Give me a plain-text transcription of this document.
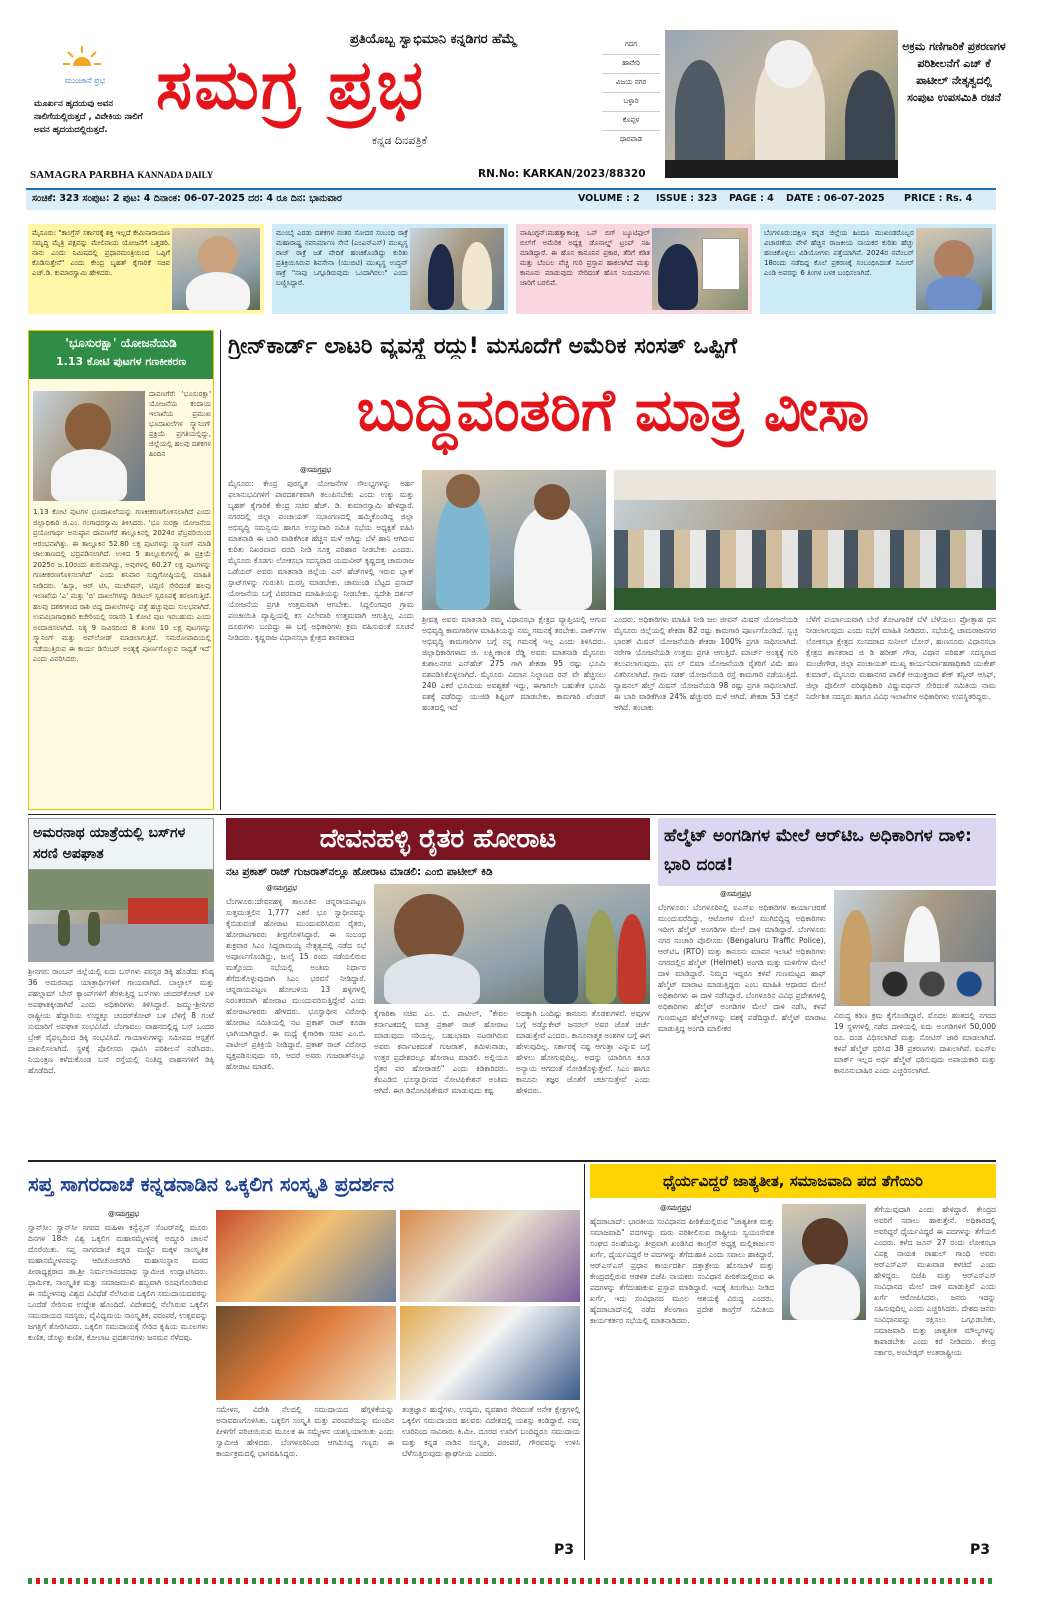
ಮುಂಜಾನೆ ಪ್ರಭ
ಮೂರ್ಖನ ಹೃದಯವು ಅವನ ನಾಲಿಗೆಯಲ್ಲಿರುತ್ತದೆ , ವಿವೇಕಿಯ ನಾಲಿಗೆ ಅವನ ಹೃದಯದಲ್ಲಿರುತ್ತದೆ.
ಪ್ರತಿಯೊಬ್ಬ ಸ್ವಾಭಿಮಾನಿ ಕನ್ನಡಿಗರ ಹೆಮ್ಮೆ
ಸಮಗ್ರ ಪ್ರಭ
ಕನ್ನಡ ದಿನಪತ್ರಿಕೆ
SAMAGRA PARBHA KANNADA DAILY	RN.No: KARKAN/2023/88320
ಗದಗ
ಹಾವೇರಿ
ವಿಜಯ ನಗರ
ಬಳ್ಳಾರಿ
ಕೊಪ್ಪಳ
ಧಾರವಾಡ
ಅಕ್ರಮ ಗಣಿಗಾರಿಕೆ ಪ್ರಕರಣಗಳ ಪರಿಶೀಲನೆಗೆ ಎಚ್ ಕೆ ಪಾಟೀಲ್ ನೇತೃತ್ವದಲ್ಲಿ ಸಂಪುಟ ಉಪಸಮಿತಿ ರಚನೆ
ಸಂಚಿಕೆ: 323 ಸಂಪುಟ: 2 ಪುಟ: 4 ದಿನಾಂಕ: 06-07-2025 ದರ: 4 ರೂ ದಿನ: ಭಾನುವಾರ	VOLUME : 2 ISSUE : 323 PAGE : 4 DATE : 06-07-2025 PRICE : Rs. 4
ಮೈಸೂರು: "ಕಾಂಗ್ರೆಸ್ ಸರ್ಕಾರಕ್ಕೆ ಶಕ್ತಿ ಇಲ್ಲದೆ ಕೇಮಿನಾರಾಯಣ ಸಮೃದ್ಧಿ ಮೈತ್ರಿ ಪಕ್ಷವನ್ನು ಮೇಲಿನಾಯ ಯೋಜನೆಗೆ ಒತ್ತಡರಿ. ನಾನು ಎಂದು ನಿಮಿಷದಲ್ಲಿ ಪ್ರಧಾನಮಂತ್ರಿಯಿಂದ ಒಪ್ಪಿಗೆ ಕೊಡಿಸುತ್ತೇನೆ" ಎಂದು ಕೇಂದ್ರ ಬೃಹತ್ ಕೈಗಾರಿಕೆ ಸಚಿವ ಎಚ್.ಡಿ. ಕುಮಾರಸ್ವಾಮಿ ಹೇಳಿದರು.
ಮುಂಬೈ ಎರಡು ದಶಕಗಳ ನಂತರ ಸೋದರ ಸಂಬಂಧಿ ಠಾಕ್ರೆ ಮಹಾರಾಷ್ಟ್ರ ನವನಿರ್ಮಾಣ ಸೇನೆ (ಎಂಎನ್‌ಎಸ್) ಮುಖ್ಯಸ್ಥ ರಾಜ್ ಠಾಕ್ರೆ ಜತೆ ವೇದಿಕೆ ಹಂಚಿಕೊಂಡಿದ್ದು ಕುರಿತು ಪ್ರತಿಕ್ರಿಯಿಸಿರುವ ಶಿವಸೇನಾ (ಯುಬಿಟಿ) ಮುಖ್ಯಸ್ಥ ಉದ್ಧವ್ ಠಾಕ್ರೆ "ನಾವು ಒಗ್ಗೂಡಿರುವುದು ಒಂದಾಗಿರಲು" ಎಂದು ಬಣ್ಣಿಸಿದ್ದಾರೆ.
ವಾಷಿಂಗ್ಟನ್:ಮಹತ್ವಾಕಾಂಕ್ಷಿ ಒನ್ ಬಿಗ್ ಬ್ಯೂಟಿಫುಲ್ ಬಿಲ್‌ಗೆ ಅಮೆರಿಕ ಅಧ್ಯಕ್ಷ ಡೊನಾಲ್ಡ್ ಟ್ರಂಪ್ ಸಹಿ ಮಾಡಿದ್ದಾರೆ. ಈ ಹೊಸ ಕಾನೂನಿನ ಪ್ರಕಾರ, ತೆರಿಗೆ ಕಡಿತ ಮತ್ತು ಬೆಂಬಲ ವೆಚ್ಚ ಗುರಿ ಪ್ರಸ್ತಾಪ ಹಾಕಲಾಗಿದೆ ಮತ್ತು ಕಾನೂನು ಮಾಡುವುದು ಸೇರಿದಂತೆ ಹೊಸ ನಿಯಮಗಳು ಜಾರಿಗೆ ಬರಲಿವೆ.
ಬೆಂಗಳೂರು:ದಕ್ಷಿಣ ಕನ್ನಡ ಜಿಲ್ಲೆಯ ಹಿಂದೂ ಮುಖಂಡರೊಬ್ಬರ ವಿಚಾರಣೆಯ ವೇಳೆ ಹೆಚ್ಚಿನ ರಾಜಕೀಯ ನಾಯಕರ ಕುರಿತು ಹೆಚ್ಚು ಹಂಚಿಕೊಳ್ಳಲು ವಿಡಿಯೋಗಳು ಪತ್ತೆಯಾಗಿವೆ. 2024ರ ನವೆಂಬರ್ 18ರಂದು ನಡೆದಿದ್ದ ಕೊಲೆ ಪ್ರಕರಣಕ್ಕೆ ಸಂಬಂಧಿಸಿದಂತೆ ಸಮೀರ್ ಎಂಡಿ ಅವರನ್ನು 6 ತಿಂಗಳ ಬಳಕ ಬಂಧಿಸಲಾಗಿದೆ.
'ಭೂಸುರಕ್ಷಾ' ಯೋಜನೆಯಡಿ
1.13 ಕೋಟಿ ಪುಟಗಳ ಗಣಕೀಕರಣ
ದಾವಣಗೆರೆ: 'ಭೂಸುರಕ್ಷಾ' ಯೋಜನೆಯ ಕಂದಾಯ ಇಲಾಖೆಯ ಪ್ರಮುಖ ಭೂದಾಖಲೆಗಳ ಸ್ಕ್ಯಾನಿಂಗ್ ಪ್ರಕ್ರಿಯೆ ಪ್ರಗತಿಯಲ್ಲಿದ್ದು, ಜಿಲ್ಲೆಯಲ್ಲಿ ಹಲವು ದಶಕಗಳ ಹಿಂದಿನ
1.13 ಕೋಟಿ ಪುಟಗಳ ಭೂದಾಖಲೆಯನ್ನು ಗಣಕೀಕರಣಗೊಳಿಸಲಾಗಿದೆ ಎಂದು ಜಿಲ್ಲಾಧಿಕಾರಿ ಜಿ.ಎಂ. ಗಂಗಾಧರಸ್ವಾಮಿ ತಿಳಿಸಿದರು. 'ಭೂ ಸುರಕ್ಷಾ ಯೋಜನೆಯ ಪ್ರಯೋಗಾರ್ಥ ಅನುಷ್ಠಾನ ದಾವಣಗೆರೆ ತಾಲ್ಲೂಕಿನಲ್ಲಿ 2024ರ ಫೆಬ್ರವರಿಯಿಂದ ಆರಂಭವಾಗಿತ್ತು. ಈ ತಾಲ್ಲೂಕಿನ 52.80 ಲಕ್ಷ ಪುಟಗಳನ್ನು ಸ್ಕ್ಯಾನಿಂಗ್ ಮಾಡಿ ಜಾಲತಾಣದಲ್ಲಿ ಭದ್ರಪಡಿಸಲಾಗಿದೆ. ಉಳಿದ 5 ತಾಲ್ಲೂಕುಗಳಲ್ಲಿ ಈ ಪ್ರಕ್ರಿಯೆ 2025ರ ಜ.10ರಂದು ಶುರುವಾಗಿದ್ದು, ಅವುಗಳಲ್ಲಿ 60.27 ಲಕ್ಷ ಪುಟಗಳನ್ನು ಗಣಕೀಕರಣಗೊಳಿಸಲಾಗಿದೆ' ಎಂದು ಶನಿವಾರ ಸುದ್ದಿಗೋಷ್ಠಿಯಲ್ಲಿ ಮಾಹಿತಿ ನೀಡಿದರು. 'ಹಿಸ್ಸಾ, ಆರ್ ಟಿಸಿ, ಮುಟೇಷನ್, ಟಿಪ್ಪಣಿ ಸೇರಿದಂತೆ ಹಲವು ಇಲಾಖೆಯ 'ಎ' ಮತ್ತು 'ಬಿ' ದಾಖಲೆಗಳನ್ನು ಡಿಜಿಟಲ್ ಸ್ವರೂಪಕ್ಕೆ ತರಲಾಗುತ್ತಿದೆ. ಹಲವು ದಶಕಗಳಿಂದ ರಾಶಿ ಬಿದ್ದ ದಾಖಲೆಗಳನ್ನು ಪತ್ತೆ ಹಚ್ಚುವುದು ಸುಲಭವಾಗಿದೆ. ಉಪವಿಭಾಗಾಧಿಕಾರಿ ಕಚೇರಿಯಲ್ಲಿ ಸರಾಸರಿ 1 ಕೋಟಿ ಪುಟ ಇರಬಹುದು ಎಂದು ಅಂದಾಜಿಸಲಾಗಿದೆ. ನಿತ್ಯ 9 ಸಾವಿರದಿಂದ 8 ತಿಂಗಳ 10 ಲಕ್ಷ ಪುಟಗಳನ್ನು ಸ್ಕ್ಯಾನಿಂಗ್ ಮತ್ತು ಅಪ್‌ಲೋಡ್ ಮಾಡಲಾಗುತ್ತಿದೆ. ಸಮರೋಪಾದಿಯಲ್ಲಿ ನಡೆಯುತ್ತಿರುವ ಈ ಕಾರ್ಯ ಡಿಸೆಂಬರ್ ಅಂತ್ಯಕ್ಕೆ ಪೂರ್ಣಗೊಳ್ಳುವ ಸಾಧ್ಯತೆ ಇದೆ' ಎಂದು ವಿವರಿಸಿದರು.
ಗ್ರೀನ್‌ಕಾರ್ಡ್ ಲಾಟರಿ ವ್ಯವಸ್ಥೆ ರದ್ದು! ಮಸೂದೆಗೆ ಅಮೆರಿಕ ಸಂಸತ್ ಒಪ್ಪಿಗೆ
ಬುದ್ಧಿವಂತರಿಗೆ ಮಾತ್ರ ವೀಸಾ
@ಸಮಗ್ರಪ್ರಭ
ಮೈಸೂರು: ಕೇಂದ್ರ ಪುರಸ್ಕೃತ ಯೋಜನೆಗಳ ಸೌಲಭ್ಯಗಳನ್ನು ಅರ್ಹ ಫಲಾನುಭವಿಗಳಿಗೆ ಪಾರದರ್ಶಕವಾಗಿ ತಲುಪಿಸಬೇಕು ಎಂದು ಉಕ್ಕು ಮತ್ತು ಬೃಹತ್ ಕೈಗಾರಿಕೆ ಕೇಂದ್ರ ಸಚಿವ ಹೆಚ್. ಡಿ. ಕುಮಾರಸ್ವಾಮಿ ಹೇಳಿದ್ದಾರೆ. ನಗರದಲ್ಲಿ ಜಿಲ್ಲಾ ಪಂಚಾಯತ್ ಸಭಾಂಗಣದಲ್ಲಿ ಹಮ್ಮಿಕೊಂಡಿದ್ದ ಜಿಲ್ಲಾ ಅಭಿವೃದ್ಧಿ ಸಮನ್ವಯ ಹಾಗೂ ಉಸ್ತುವಾರಿ ಸಮಿತಿ ಸಭೆಯ ಅಧ್ಯಕ್ಷತೆ ವಹಿಸಿ ಮಾತನಾಡಿ ಈ ಬಾರಿ ವಾಡಿಕೆಗಿಂತ ಹೆಚ್ಚಿನ ಮಳೆ ಆಗಿದ್ದು ಬೆಳೆ ಹಾನಿ ಆಗಿರುವ ಕುರಿತು ನಿಖರವಾದ ವರದಿ ನೀಡಿ ಸೂಕ್ತ ಪರಿಹಾರ ನೀಡಬೇಕು ಎಂದರು. ಮೈಸೂರು ಕೊಡಗು ಲೋಕಸಭಾ ಸದಸ್ಯರಾದ ಯದುವೀರ್ ಕೃಷ್ಣದತ್ತ ಚಾಮರಾಜ ಒಡೆಯರ್ ಅವರು ಮಾತನಾಡಿ ಜಿಲ್ಲೆಯ ಎನ್ ಹೆಚ್‌ಗಳಲ್ಲಿ ಇರುವ ಬ್ಲಾಕ್ ಸ್ಪಾಟ್‌ಗಳನ್ನು ಗುರುತಿಸಿ ದುರಸ್ತಿ ಮಾಡಬೇಕು. ಚಾಮುಂಡಿ ಬೆಟ್ಟದ ಪ್ರಸಾದ್ ಯೋಜನೆಯ ಬಗ್ಗೆ ವಿವರವಾದ ಮಾಹಿತಿಯನ್ನು ನೀಡಬೇಕು. ಸ್ವದೇಶಿ ದರ್ಶನ್ ಯೋಜನೆಯ ಪ್ರಗತಿ ಉತ್ತಮವಾಗಿ ಆಗಬೇಕು. ಸಿದ್ದಲಿಂಗಪುರ ಗ್ರಾಮ ಪಂಚಾಯಿತಿ ವ್ಯಾಪ್ತಿಯಲ್ಲಿ ಕಸ ವಿಲೇವಾರಿ ಉತ್ತಮವಾಗಿ ಆಗುತ್ತಿಲ್ಲ ಎಂದು ದೂರುಗಳು ಬಂದಿದ್ದು ಈ ಬಗ್ಗೆ ಅಧಿಕಾರಿಗಳು ಕ್ರಮ ವಹಿಸುವಂತೆ ಸೂಚನೆ ನೀಡಿದರು. ಕೃಷ್ಣರಾಜ ವಿಧಾನಸಭಾ ಕ್ಷೇತ್ರದ ಶಾಸಕರಾದ
ಶ್ರೀವತ್ಸ ಅವರು ಮಾತನಾಡಿ ನಮ್ಮ ವಿಧಾನಸಭಾ ಕ್ಷೇತ್ರದ ವ್ಯಾಪ್ತಿಯಲ್ಲಿ ಆಗುವ ಅಭಿವೃದ್ಧಿ ಕಾಮಗಾರಿಗಳ ಮಾಹಿತಿಯನ್ನು ನಮ್ಮ ಗಮನಕ್ಕೆ ತರಬೇಕು. ಪಾರ್ಕ್‌ಗಳ ಅಭಿವೃದ್ಧಿ ಕಾಮಗಾರಿಗಳ ಬಗ್ಗೆ ನನ್ನ ಗಮನಕ್ಕೆ ಇಲ್ಲ ಎಂದು ತಿಳಿಸಿದರು. ಜಿಲ್ಲಾಧಿಕಾರಿಗಳಾದ ಜಿ. ಲಕ್ಷ್ಮೀಕಾಂತ ರೆಡ್ಡಿ ಅವರು ಮಾತನಾಡಿ ಮೈಸೂರು ಕುಶಾಲನಗರ ಎನ್‌ಹೆಚ್ 275 ಗಾಗಿ ಶೇಕಡಾ 95 ರಷ್ಟು ಭೂಮಿ ವಶಪಡಿಸಿಕೊಳ್ಳಲಾಗಿದೆ. ಮೈಸೂರು ವಿಮಾನ ನಿಲ್ದಾಣದ ರನ್ ವೇ ಹೆಚ್ಚಿಸಲು 240 ಎಕರೆ ಭೂಮಿಯ ಅವಶ್ಯಕತೆ ಇದ್ದು, ಈಗಾಗಲೇ ಬಹುತೇಕ ಭೂಮಿ ವಶಕ್ಕೆ ಪಡೆದಿದ್ದು ಯುಜಿಡಿ ಶಿಫ್ಟಿಂಗ್ ಮಾಡಬೇಕು. ಕಾಮಗಾರಿ ಟೆಂಡರ್ ಹಂತದಲ್ಲಿ ಇದೆ
ಎಂದರು. ಅಧಿಕಾರಿಗಳು ಮಾಹಿತಿ ನೀಡಿ ಜಲ ಜೀವನ್ ಮಿಷನ್ ಯೋಜನೆಯಡಿ ಮೈಸೂರು ಜಿಲ್ಲೆಯಲ್ಲಿ ಶೇಕಡಾ 82 ರಷ್ಟು ಕಾಮಗಾರಿ ಪೂರ್ಣಗೊಂಡಿದೆ. ಸ್ವಚ್ಛ ಭಾರತ್ ಮಿಷನ್ ಯೋಜನೆಯಡಿ ಶೇಕಡಾ 100% ಪ್ರಗತಿ ಸಾಧಿಸಲಾಗಿದೆ. ನರೇಗಾ ಯೋಜನೆಯಡಿ ಉತ್ತಮ ಪ್ರಗತಿ ಆಗುತ್ತಿದೆ. ಮಾರ್ಚ್ ಅಂತ್ಯಕ್ಕೆ ಗುರಿ ತಲುಪಲಾಗುವುದು. ಫಸ ಲ್ ಬಿಮಾ ಯೋಜನೆಯಡಿ ರೈತರಿಗೆ ವಿಮೆ ಹಣ ವಿತರಿಸಲಾಗಿದೆ. ಗ್ರಾಮ ಸಡಕ್ ಯೋಜನೆಯಡಿ ರಸ್ತೆ ಕಾಮಗಾರಿ ನಡೆಯುತ್ತಿದೆ. ನ್ಯಾಷನಲ್ ಹೆಲ್ತ್ ಮಿಷನ್ ಯೋಜನೆಯಡಿ 98 ರಷ್ಟು ಪ್ರಗತಿ ಸಾಧಿಸಲಾಗಿದೆ. ಈ ಬಾರಿ ವಾಡಿಕೆಗಿಂತ 24% ಹೆಚ್ಚುವರಿ ಮಳೆ ಆಗಿದೆ. ಶೇಕಡಾ 53 ಬಿತ್ತನೆ ಆಗಿದೆ. ತಂಬಾಕು
ಬೆಳೆಗೆ ಪರ್ಯಾಯವಾಗಿ ಬೇರೆ ತೋಟಗಾರಿಕೆ ಬೆಳೆ ಬೆಳೆಯಲು ಪ್ರೋತ್ಸಾಹ ಧನ ನೀಡಲಾಗುವುದು ಎಂದು ಸಭೆಗೆ ಮಾಹಿತಿ ನೀಡಿದರು. ಸಭೆಯಲ್ಲಿ ಚಾಮರಾಜನಗರ ಲೋಕಸಭಾ ಕ್ಷೇತ್ರದ ಸಂಸದರಾದ ಸುನೀಲ್ ಬೋಸ್, ಹುಣಸೂರು ವಿಧಾನಸಭಾ ಕ್ಷೇತ್ರದ ಶಾಸಕರಾದ ಜಿ ಡಿ ಹರೀಶ್ ಗೌಡ, ವಿಧಾನ ಪರಿಷತ್ ಸದಸ್ಯರಾದ ಮಂಜೇಗೌಡ, ಜಿಲ್ಲಾ ಪಂಚಾಯತ್ ಮುಖ್ಯ ಕಾರ್ಯನಿರ್ವಾಹಣಾಧಿಕಾರಿ ಯುಕೇಶ್ ಕುಮಾರ್, ಮೈಸೂರು ಮಹಾನಗರ ಪಾಲಿಕೆ ಆಯುಕ್ತರಾದ ಶೇಕ್ ತನ್ವೀರ್ ಆಸಿಫ್, ಜಿಲ್ಲಾ ಪೊಲೀಸ್ ವರಿಷ್ಠಾಧಿಕಾರಿ ವಿಷ್ಣುವರ್ಧನ್ ಸೇರಿದಂತೆ ಸಮಿತಿಯ ನಾಮ ನಿರ್ದೇಶಿತ ಸದಸ್ಯರು ಹಾಗೂ ವಿವಿಧ ಇಲಾಖೆಗಳ ಅಧಿಕಾರಿಗಳು ಉಪಸ್ಥಿತರಿದ್ದರು.
ಅಮರನಾಥ ಯಾತ್ರೆಯಲ್ಲಿ ಬಸ್‌ಗಳ ಸರಣಿ ಅಪಘಾತ
ಶ್ರೀನಗರ: ರಾಂಬನ್ ಜಿಲ್ಲೆಯಲ್ಲಿ ಐದು ಬಸ್‌ಗಳು ಪರಸ್ಪರ ಡಿಕ್ಕಿ ಹೊಡೆದು ಕನಿಷ್ಠ 36 ಅಮರನಾಥ ಯಾತ್ರಾರ್ಥಿಗಳಿಗೆ ಗಾಯವಾಗಿದೆ. ಬಾಲ್ಟಾಲ್ ಮತ್ತು ಪಹಲ್ಗಾಮ್ ಬೇಸ್ ಕ್ಯಾಂಪ್‌ಗಳಿಗೆ ತೆರಳುತ್ತಿದ್ದ ಬಸ್‌ಗಳು ಚಂದರ್‌ಕೋಟ್ ಬಳಿ ಅಪಘಾತಕ್ಕೀಡಾಗಿವೆ ಎಂದು ಅಧಿಕಾರಿಗಳು ತಿಳಿಸಿದ್ದಾರೆ. ಜಮ್ಮು-ಶ್ರೀನಗರ ರಾಷ್ಟ್ರೀಯ ಹೆದ್ದಾರಿಯ ಉದ್ದಕ್ಕೂ ಚಂದರ್‌ಕೋಟ್ ಬಳಿ ಬೆಳಿಗ್ಗೆ 8 ಗಂಟೆ ಸುಮಾರಿಗೆ ಅಪಘಾತ ಸಂಭವಿಸಿದೆ. ಬೆಂಗಾವಲು ವಾಹನದಲ್ಲಿದ್ದ ಬಸ್ ಒಂದರ ಬ್ರೇಕ್ ವೈಫಲ್ಯದಿಂದ ಡಿಕ್ಕಿ ಸಂಭವಿಸಿದೆ. ಗಾಯಾಳುಗಳನ್ನು ಸಮೀಪದ ಆಸ್ಪತ್ರೆಗೆ ದಾಖಲಿಸಲಾಗಿದೆ. ಸ್ಥಳಕ್ಕೆ ಪೊಲೀಸರು ಧಾವಿಸಿ ಪರಿಶೀಲನೆ ನಡೆಸಿದರು. ನಿಯಂತ್ರಣ ಕಳೆದುಕೊಂಡ ಬಸ್ ರಸ್ತೆಯಲ್ಲಿ ನಿಂತಿದ್ದ ವಾಹನಗಳಿಗೆ ಡಿಕ್ಕಿ ಹೊಡೆದಿದೆ.
ದೇವನಹಳ್ಳಿ ರೈತರ ಹೋರಾಟ
ನಟ ಪ್ರಕಾಶ್ ರಾಜ್ ಗುಜರಾತ್‌ನಲ್ಲೂ ಹೋರಾಟ ಮಾಡಲಿ: ಎಂಬಿ ಪಾಟೀಲ್ ಕಿಡಿ
@ಸಮಗ್ರಪ್ರಭ
ಬೆಂಗಳೂರು:ದೇವನಹಳ್ಳಿ ತಾಲೂಕಿನ ಚನ್ನರಾಯಪಟ್ಟಣ ಸುತ್ತಮುತ್ತಲಿನ 1,777 ಎಕರೆ ಭೂ ಸ್ವಾಧೀನವನ್ನು ಕೈಬಿಡುವಂತೆ ಹೋರಾಟ ಮುಂದುವರಿಸಿರುವ ರೈತರು, ಹೋರಾಟಗಾರರು ತೀವ್ರಗೊಳಿಸಿದ್ದಾರೆ. ಈ ಸಂಬಂಧ ಶುಕ್ರವಾರ ಸಿಎಂ ಸಿದ್ದರಾಮಯ್ಯ ನೇತೃತ್ವದಲ್ಲಿ ನಡೆದ ಸಭೆ ಅಪೂರ್ಣಗೊಂಡಿದ್ದು, ಜುಲೈ 15 ರಂದು ನಡೆಯಲಿರುವ ಮತ್ತೊಂದು ಸಭೆಯಲ್ಲಿ ಅಂತಿಮ ನಿರ್ಧಾರ ತೆಗೆದುಕೊಳ್ಳುವುದಾಗಿ ಸಿಎಂ ಭರವಸೆ ನೀಡಿದ್ದಾರೆ. ಚನ್ನರಾಯಪಟ್ಟಣ ಹೋಬಳಿಯ 13 ಹಳ್ಳಿಗಳಲ್ಲಿ ನಿರಂತರವಾಗಿ ಹೋರಾಟ ಮುಂದುವರಿಸುತ್ತಿದ್ದೇವೆ ಎಂದು ಹೋರಾಟಗಾರರು ಹೇಳಿದರು. ಭೂಸ್ವಾಧೀನ ವಿರೋಧಿ ಹೋರಾಟ ಸಮಿತಿಯಲ್ಲಿ ನಟ ಪ್ರಕಾಶ್ ರಾಜ್ ಕೂಡಾ ಭಾಗಿಯಾಗಿದ್ದಾರೆ. ಈ ಮಧ್ಯೆ ಕೈಗಾರಿಕಾ ಸಚಿವ ಎಂ.ಬಿ. ಪಾಟೀಲ್ ಪ್ರತಿಕ್ರಿಯೆ ನೀಡಿದ್ದಾರೆ. ಪ್ರಕಾಶ್ ರಾಜ್ ವಿರೋಧ ವ್ಯಕ್ತಪಡಿಸುವುದು ಸರಿ, ಆದರೆ ಅವರು ಗುಜರಾತ್‌ನಲ್ಲೂ ಹೋರಾಟ ಮಾಡಲಿ.
ಕೈಗಾರಿಕಾ ಸಚಿವ ಎಂ. ಬಿ. ಪಾಟೀಲ್, "ಕೇವಲ ಕರ್ನಾಟಕದಲ್ಲಿ ಮಾತ್ರ ಪ್ರಕಾಶ್ ರಾಜ್ ಹೋರಾಟ ಮಾಡುವುದು ಸರಿಯಲ್ಲ. ಬಹುಭಾಷಾ ನಟರಾಗಿರುವ ಅವರು ಕರ್ನಾಟಕದಂತೆ ಗುಜರಾತ್, ತಮಿಳುನಾಡು, ಉತ್ತರ ಪ್ರದೇಶದಲ್ಲೂ ಹೋರಾಟ ಮಾಡಲಿ. ಅಲ್ಲಿಯೂ ರೈತರ ಪರ ಹೋರಾಡಲಿ" ಎಂದು ಕಿಡಿಕಾರಿದರು. ಕೆಐಎಡಿಬಿ ಭೂಸ್ವಾಧೀನದ ನೋಟಿಫಿಕೇಶನ್ ಅಂತಿಮ ಆಗಿದೆ. ಈಗ ಡಿನೋಟಿಫಿಕೇಷನ್ ಮಾಡುವುದು ಕಷ್ಟ
ಅದಕ್ಕಾಗಿ ಒಂದಿಷ್ಟು ಕಾನೂನು ತೊಡಕುಗಳಿವೆ. ಅವುಗಳ ಬಗ್ಗೆ ಅಡ್ವೊಕೇಟ್ ಜನರಲ್ ಅವರ ಜೊತೆ ಚರ್ಚೆ ಮಾಡುತ್ತೇವೆ ಎಂದರು. ಕಾನೂನಾತ್ಮಕ ಅಂಶಗಳ ಬಗ್ಗೆ ಈಗ ಹೇಳುವುದಿಲ್ಲ. ಸರ್ಕಾರಕ್ಕೆ ನಷ್ಟ ಆಗುತ್ತಾ ಎನ್ನುವ ಬಗ್ಗೆ ಹೇಳಲು ಹೋಗುವುದಿಲ್ಲ. ಅದನ್ನು ಯಾರಿಗೂ ಕೂಡ ಅನ್ಯಾಯ ಆಗದಂತೆ ನೋಡಿಕೊಳ್ಳುತ್ತೇವೆ. ಸಿಎಂ ಹಾಗೂ ಕಾನೂನು ತಜ್ಞರ ಜೊತೆಗೆ ಚರ್ಚಿಸುತ್ತೇವೆ ಎಂದು ಹೇಳಿದರು.
ಹೆಲ್ಮೆಟ್ ಅಂಗಡಿಗಳ ಮೇಲೆ ಆರ್‌ಟಿಒ ಅಧಿಕಾರಿಗಳ ದಾಳಿ: ಭಾರಿ ದಂಡ!
@ಸಮಗ್ರಪ್ರಭ
ಬೆಂಗಳೂರು: ಬೆಂಗಳೂರಿನಲ್ಲಿ ಐಎಸ್ಐ ಅಧಿಕಾರಿಗಳ ಕಾರ್ಯಾಚರಣೆ ಮುಂದುವರೆದಿದ್ದು, ಆಟೋಗಳ ಮೇಲೆ ಮುಗಿಬಿದ್ದಿದ್ದ ಅಧಿಕಾರಿಗಳು ಇದೀಗ ಹೆಲ್ಮೆಟ್ ಅಂಗಡಿಗಳ ಮೇಲೆ ದಾಳಿ ಮಾಡಿದ್ದಾರೆ. ಬೆಂಗಳೂರು ನಗರ ಸಂಚಾರಿ ಪೊಲೀಸರು (Bengaluru Traffic Police), ಆರ್‌ಟಿಒ (RTO) ಮತ್ತು ಕಾನೂನು ಮಾಪನ ಇಲಾಖೆ ಅಧಿಕಾರಿಗಳು ನಗರದಲ್ಲಿನ ಹೆಲ್ಮೆಟ್ (Helmet) ಅಂಗಡಿ ಮತ್ತು ಮಳಿಗೆಗಳ ಮೇಲೆ ದಾಳಿ ಮಾಡಿದ್ದಾರೆ. ನಿಮ್ಮದ ಇದ್ದರೂ ಕಳಪೆ ಗುಣಮಟ್ಟದ ಹಾಫ್ ಹೆಲ್ಮೆಟ್ ಮಾರಾಟ ಮಾಡುತ್ತಿದ್ದರು ಎಂಬ ಮಾಹಿತಿ ಆಧಾರದ ಮೇಲೆ ಅಧಿಕಾರಿಗಳು ಈ ದಾಳಿ ನಡೆಸಿದ್ದಾರೆ. ಬೆಂಗಳೂರಿನ ವಿವಿಧ ಪ್ರದೇಶಗಳಲ್ಲಿ ಅಧಿಕಾರಿಗಳು ಹೆಲ್ಮೆಟ್ ಅಂಗಡಿಗಳ ಮೇಲೆ ದಾಳಿ ನಡೆಸಿ, ಕಳಪೆ ಗುಣಮಟ್ಟದ ಹೆಲ್ಮೆಟ್‌ಗಳನ್ನು ವಶಕ್ಕೆ ಪಡೆದಿದ್ದಾರೆ. ಹೆಲ್ಮೆಟ್ ಮಾರಾಟ ಮಾಡುತ್ತಿದ್ದ ಅಂಗಡಿ ಮಾಲೀಕರ
ವಿರುದ್ಧ ಕಠಿಣ ಕ್ರಮ ಕೈಗೊಂಡಿದ್ದಾರೆ. ಮೊದಲ ಹಂತದಲ್ಲಿ ನಗರದ 19 ಸ್ಥಳಗಳಲ್ಲಿ ನಡೆದ ದಾಳಿಯಲ್ಲಿ ಐದು ಅಂಗಡಿಗಳಿಗೆ 50,000 ರೂ. ದಂಡ ವಿಧಿಸಲಾಗಿದೆ ಮತ್ತು ನೋಟಿಸ್ ಜಾರಿ ಮಾಡಲಾಗಿದೆ. ಕಳಪೆ ಹೆಲ್ಮೆಟ್ ಧರಿಸಿದ 38 ಪ್ರಕರಣಗಳು ದಾಖಲಾಗಿವೆ. ಐಎಸ್ಐ ಮಾರ್ಕ್ ಇಲ್ಲದ ಅರ್ಧ ಹೆಲ್ಮೆಟ್ ಧರಿಸುವುದು ಅಪಾಯಕಾರಿ ಮತ್ತು ಕಾನೂನುಬಾಹಿರ ಎಂದು ಎಚ್ಚರಿಸಲಾಗಿದೆ.
ಸಪ್ತ ಸಾಗರದಾಚೆ ಕನ್ನಡನಾಡಿನ ಒಕ್ಕಲಿಗ ಸಂಸ್ಕೃತಿ ಪ್ರದರ್ಶನ
@ಸಮಗ್ರಪ್ರಭ
ಸ್ವಾನ್‌ಸೀ: ಸ್ವಾನ್‌ಸೀ ನಗರದ ಮಹಿಳಾ ಕನ್ವೆನ್ಷನ್ ಸೆಂಟರ್‌ನಲ್ಲಿ ಮೂರು ದಿನಗಳ 18ನೇ ವಿಶ್ವ ಒಕ್ಕಲಿಗ ಮಹಾಸಮ್ಮೇಳನಕ್ಕೆ ಅದ್ದೂರಿ ಚಾಲನೆ ದೊರೆಯಿತು. ಸಪ್ತ ಸಾಗರದಾಚೆ ಕನ್ನಡ ಮಣ್ಣಿನ ಮಕ್ಕಳ ಸಾಂಸ್ಕೃತಿಕ ಮಹಾಸಮ್ಮೇಳನವನ್ನು ಆದಿಚುಂಚನಗಿರಿ ಮಹಾಸಂಸ್ಥಾನ ಮಠದ ಪೀಠಾಧ್ಯಕ್ಷರಾದ ಡಾ.ಶ್ರೀ ನಿರ್ಮಲಾನಂದನಾಥ ಸ್ವಾಮೀಜಿ ಉದ್ಘಾಟಿಸಿದರು. ಧಾರ್ಮಿಕ, ಸಾಂಸ್ಕೃತಿಕ ಮತ್ತು ಸಮಾಜಮುಖಿ ಹಬ್ಬವಾಗಿ ರೂಪುಗೊಂಡಿರುವ ಈ ಸಮ್ಮೇಳನವು ವಿಶ್ವದ ವಿವಿಧೆಡೆ ನೆಲೆಸಿರುವ ಒಕ್ಕಲಿಗ ಸಮುದಾಯದವರನ್ನು ಒಂದೆಡೆ ಸೇರಿಸುವ ಉದ್ದೇಶ ಹೊಂದಿದೆ. ವಿದೇಶದಲ್ಲಿ ನೆಲೆಸಿರುವ ಒಕ್ಕಲಿಗ ಸಮುದಾಯದ ಸದಸ್ಯರು, ವೈವಿಧ್ಯಮಯ ಸಾಂಸ್ಕೃತಿಕ, ಪರಂಪರೆ, ಉತ್ಸವವನ್ನು ಜಗತ್ತಿಗೆ ತೋರಿಸಿದರು. ಒಕ್ಕಲಿಗ ಸಮುದಾಯಕ್ಕೆ ಸೇರಿದ ಕೃಷಿಯ ಮೂಲಗಳು ಕುಣಿತ, ಡೊಳ್ಳು ಕುಣಿತ, ಕೋಲಾಟ ಪ್ರದರ್ಶನಗಳು ಜನಮನ ಸೆಳೆದವು.
ಸಮೇಳನ, ವಿದೇಶಿ ನೆಲದಲ್ಲಿ ಸಮುದಾಯದ ಹೆಗ್ಗಳಿಕೆಯನ್ನು ಅನಾವರಣಗೊಳಿಸಿತು. ಒಕ್ಕಲಿಗ ಸಂಸ್ಕೃತಿ ಮತ್ತು ಪರಂಪರೆಯನ್ನು ಮುಂದಿನ ಪೀಳಿಗೆಗೆ ಪರಿಚಯಿಸುವ ಮೂಲಕ ಈ ಸಮ್ಮೇಳನ ಯಶಸ್ವಿಯಾಯಿತು ಎಂದು ಸ್ವಾಮೀಜಿ ಹೇಳಿದರು. ಬೆಂಗಳೂರಿನಿಂದ ಆಗಮಿಸಿದ್ದ ಗಣ್ಯರು ಈ ಕಾರ್ಯಕ್ರಮದಲ್ಲಿ ಭಾಗವಹಿಸಿದ್ದರು.
ತಂತ್ರಜ್ಞಾನ ಹುದ್ದೆಗಳು, ಉದ್ಯಮ, ವ್ಯವಹಾರ ಸೇರಿದಂತೆ ಅನೇಕ ಕ್ಷೇತ್ರಗಳಲ್ಲಿ ಒಕ್ಕಲಿಗ ಸಮುದಾಯದ ಹಲವರು ವಿದೇಶದಲ್ಲಿ ಯಶಸ್ಸು ಕಂಡಿದ್ದಾರೆ. ನಮ್ಮ ಊರಿನಿಂದ ಸಾವಿರಾರು ಕಿ.ಮೀ. ದೂರದ ಊರಿಗೆ ಬಂದಿದ್ದರೂ ಸಮುದಾಯ ಮತ್ತು ಕನ್ನಡ ನಾಡಿನ ಸಂಸ್ಕೃತಿ, ಪರಂಪರೆ, ಗೌರವವನ್ನು ಉಳಿಸಿ ಬೆಳೆಸುತ್ತಿರುವುದು ಶ್ಲಾಘನೀಯ ಎಂದರು.
P3
ಧೈರ್ಯವಿದ್ದರೆ ಜಾತ್ಯತೀತ, ಸಮಾಜವಾದಿ ಪದ ತೆಗೆಯಿರಿ
@ಸಮಗ್ರಪ್ರಭ
ಹೈದರಾಬಾದ್: ಭಾರತೀಯ ಸಂವಿಧಾನದ ಪೀಠಿಕೆಯಲ್ಲಿರುವ "ಜಾತ್ಯತೀತ ಮತ್ತು ಸಮಾಜವಾದಿ" ಪದಗಳನ್ನು ಮರು ಪರಿಶೀಲಿಸುವ ರಾಷ್ಟ್ರೀಯ ಸ್ವಯಂಸೇವಕ ಸಂಘದ ಸಲಹೆಯನ್ನು ತೀವ್ರವಾಗಿ ಖಂಡಿಸಿದ ಕಾಂಗ್ರೆಸ್ ಅಧ್ಯಕ್ಷ ಮಲ್ಲಿಕಾರ್ಜುನ ಖರ್ಗೆ, ಧೈರ್ಯವಿದ್ದರೆ ಆ ಪದಗಳನ್ನು ತೆಗೆದುಹಾಕಿ ಎಂದು ಸವಾಲು ಹಾಕಿದ್ದಾರೆ. ಆರ್‌ಎಸ್‌ಎಸ್ ಪ್ರಧಾನ ಕಾರ್ಯದರ್ಶಿ ದತ್ತಾತ್ರೇಯ ಹೊಸಬಾಳೆ ಮತ್ತು ಕೇಂದ್ರದಲ್ಲಿರುವ ಆಡಳಿತ ಬಿಜೆಪಿ ನಾಯಕರು ಸಂವಿಧಾನ ಪೀಠಿಕೆಯಲ್ಲಿರುವ ಈ ಪದಗಳನ್ನು ತೆಗೆದುಹಾಕುವ ಪ್ರಸ್ತಾಪ ಮಾಡಿದ್ದಾರೆ. ಇದಕ್ಕೆ ತಿರುಗೇಟು ನೀಡಿದ ಖರ್ಗೆ, ಇದು ಸಂವಿಧಾನದ ಮೂಲ ಆಶಯಕ್ಕೆ ವಿರುದ್ಧ ಎಂದರು. ಹೈದರಾಬಾದ್‌ನಲ್ಲಿ ನಡೆದ ತೆಲಂಗಾಣ ಪ್ರದೇಶ ಕಾಂಗ್ರೆಸ್ ಸಮಿತಿಯ ಕಾರ್ಯಕರ್ತರ ಸಭೆಯಲ್ಲಿ ಮಾತನಾಡಿದರು.
ತೆಗೆಯುವುದಾಗಿ ಎಂದು ಹೇಳಿದ್ದಾರೆ. ಕೇಂದ್ರದ ಅವರಿಗೆ ಸವಾಲು ಹಾಕುತ್ತೇನೆ. ಅಧಿಕಾರದಲ್ಲಿ ಅವರಿದ್ದರೆ ಧೈರ್ಯವಿದ್ದರೆ ಈ ಪದಗಳನ್ನು ತೆಗೆಯಲಿ ಎಂದರು. ಕಳೆದ ಜೂನ್ 27 ರಂದು ಲೋಕಸಭಾ ವಿಪಕ್ಷ ನಾಯಕ ರಾಹುಲ್ ಗಾಂಧಿ ಅವರು ಆರ್‌ಎಸ್‌ಎಸ್ ಮುಖವಾಡ ಕಳಚಿದೆ ಎಂದು ಹೇಳಿದ್ದರು. ಬಿಜೆಪಿ ಮತ್ತು ಆರ್‌ಎಸ್‌ಎಸ್ ಸಂವಿಧಾನದ ಮೇಲೆ ದಾಳಿ ಮಾಡುತ್ತಿವೆ ಎಂದು ಖರ್ಗೆ ಆರೋಪಿಸಿದರು. ಜನರು ಇದನ್ನು ಸಹಿಸುವುದಿಲ್ಲ ಎಂದು ಎಚ್ಚರಿಸಿದರು. ದೇಶದ ಜನರು ಸಂವಿಧಾನವನ್ನು ರಕ್ಷಿಸಲು ಒಗ್ಗೂಡಬೇಕು, ಸಮಾಜವಾದಿ ಮತ್ತು ಜಾತ್ಯತೀತ ಮೌಲ್ಯಗಳನ್ನು ಕಾಪಾಡಬೇಕು ಎಂದು ಕರೆ ನೀಡಿದರು. ಕೇಂದ್ರ ಸರ್ಕಾರ, ಅಂಬೇಡ್ಕರ್ ಅಂತರಾಷ್ಟ್ರೀಯ
P3
